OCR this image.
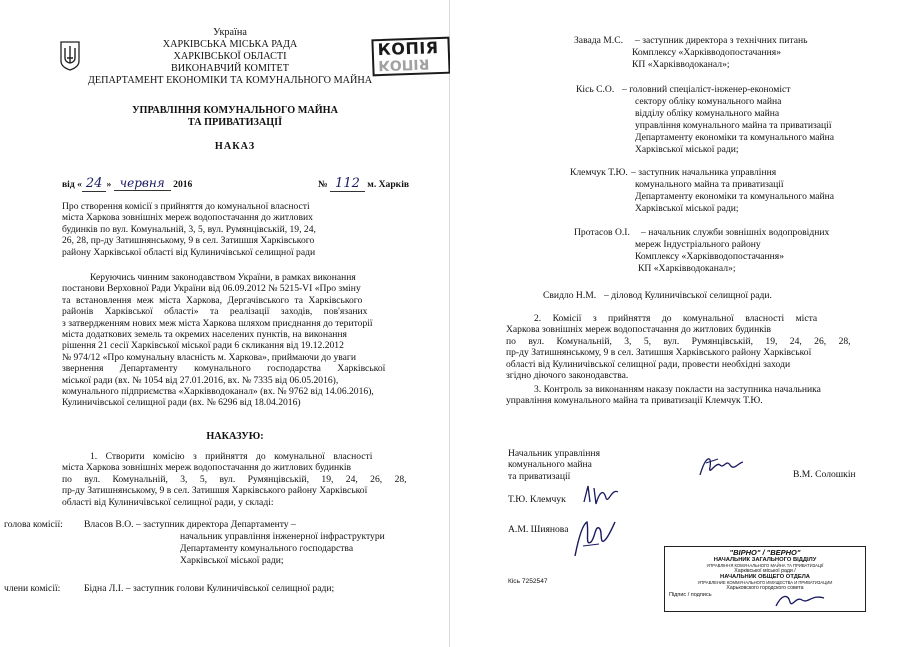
Україна
ХАРКІВСЬКА МІСЬКА РАДА
ХАРКІВСЬКОЇ ОБЛАСТІ
ВИКОНАВЧИЙ КОМІТЕТ
ДЕПАРТАМЕНТ ЕКОНОМІКИ ТА КОМУНАЛЬНОГО МАЙНА
КОПІЯ
КОПІЯ
УПРАВЛІННЯ КОМУНАЛЬНОГО МАЙНА
ТА ПРИВАТИЗАЦІЇ
НАКАЗ
від « 24 » червня 2016	№ 112 м. Харків
Про створення комісії з прийняття до комунальної власності
міста Харкова зовнішніх мереж водопостачання до житлових
будинків по вул. Комунальній, 3, 5, вул. Румянцівській, 19, 24,
26, 28, пр-ду Затишнянському, 9 в сел. Затишшя Харківського
району Харківської області від Кулиничівської селищної ради
Керуючись чинним законодавством України, в рамках виконання
постанови Верховної Ради України від 06.09.2012 № 5215-VI «Про зміну
та встановлення меж міста Харкова, Дергачівського та Харківського
районів Харківської області» та реалізації заходів, пов'язаних
з затвердженням нових меж міста Харкова шляхом приєднання до території
міста додаткових земель та окремих населених пунктів, на виконання
рішення 21 сесії Харківської міської ради 6 скликання від 19.12.2012
№ 974/12 «Про комунальну власність м. Харкова», приймаючи до уваги
звернення Департаменту комунального господарства Харківської
міської ради (вх. № 1054 від 27.01.2016, вх. № 7335 від 06.05.2016),
комунального підприємства «Харківводоканал» (вх. № 9762 від 14.06.2016),
Кулиничівської селищної ради (вх. № 6296 від 18.04.2016)
НАКАЗУЮ:
1. Створити комісію з прийняття до комунальної власності
міста Харкова зовнішніх мереж водопостачання до житлових будинків
по вул. Комунальній, 3, 5, вул. Румянцівській, 19, 24, 26, 28,
пр-ду Затишнянському, 9 в сел. Затишшя Харківського району Харківської
області від Кулиничівської селищної ради, у складі:
голова комісії: Власов В.О. – заступник директора Департаменту –
начальник управління інженерної інфраструктури
Департаменту комунального господарства
Харківської міської ради;
члени комісії: Бідна Л.І. – заступник голови Кулиничівської селищної ради;
Завада М.С. – заступник директора з технічних питань
Комплексу «Харківводопостачання»
КП «Харківводоканал»;
Кісь С.О. – головний спеціаліст-інженер-економіст
сектору обліку комунального майна
відділу обліку комунального майна
управління комунального майна та приватизації
Департаменту економіки та комунального майна
Харківської міської ради;
Клемчук Т.Ю. – заступник начальника управління
комунального майна та приватизації
Департаменту економіки та комунального майна
Харківської міської ради;
Протасов О.І. – начальник служби зовнішніх водопровідних
мереж Індустріального району
Комплексу «Харківводопостачання»
КП «Харківводоканал»;
Свидло Н.М. – діловод Кулиничівської селищної ради.
2. Комісії з прийняття до комунальної власності міста
Харкова зовнішніх мереж водопостачання до житлових будинків
по вул. Комунальній, 3, 5, вул. Румянцівській, 19, 24, 26, 28,
пр-ду Затишнянському, 9 в сел. Затишшя Харківського району Харківської
області від Кулиничівської селищної ради, провести необхідні заходи
згідно діючого законодавства.
3. Контроль за виконанням наказу покласти на заступника начальника
управління комунального майна та приватизації Клемчук Т.Ю.
Начальник управління
комунального майна
та приватизації	В.М. Солошкін
Т.Ю. Клемчук
А.М. Шиянова
Кісь 7252547
"ВІРНО" / "ВЕРНО"
НАЧАЛЬНИК ЗАГАЛЬНОГО ВІДДІЛУ
УПРАВЛІННЯ КОМУНАЛЬНОГО МАЙНА ТА ПРИВАТИЗАЦІЇ
Харківської міської ради /
НАЧАЛЬНИК ОБЩЕГО ОТДЕЛА
УПРАВЛЕНИЕ КОММУНАЛЬНОГО ИМУЩЕСТВА И ПРИВАТИЗАЦИИ
Харьковского городского совета
Підпис / подпись
